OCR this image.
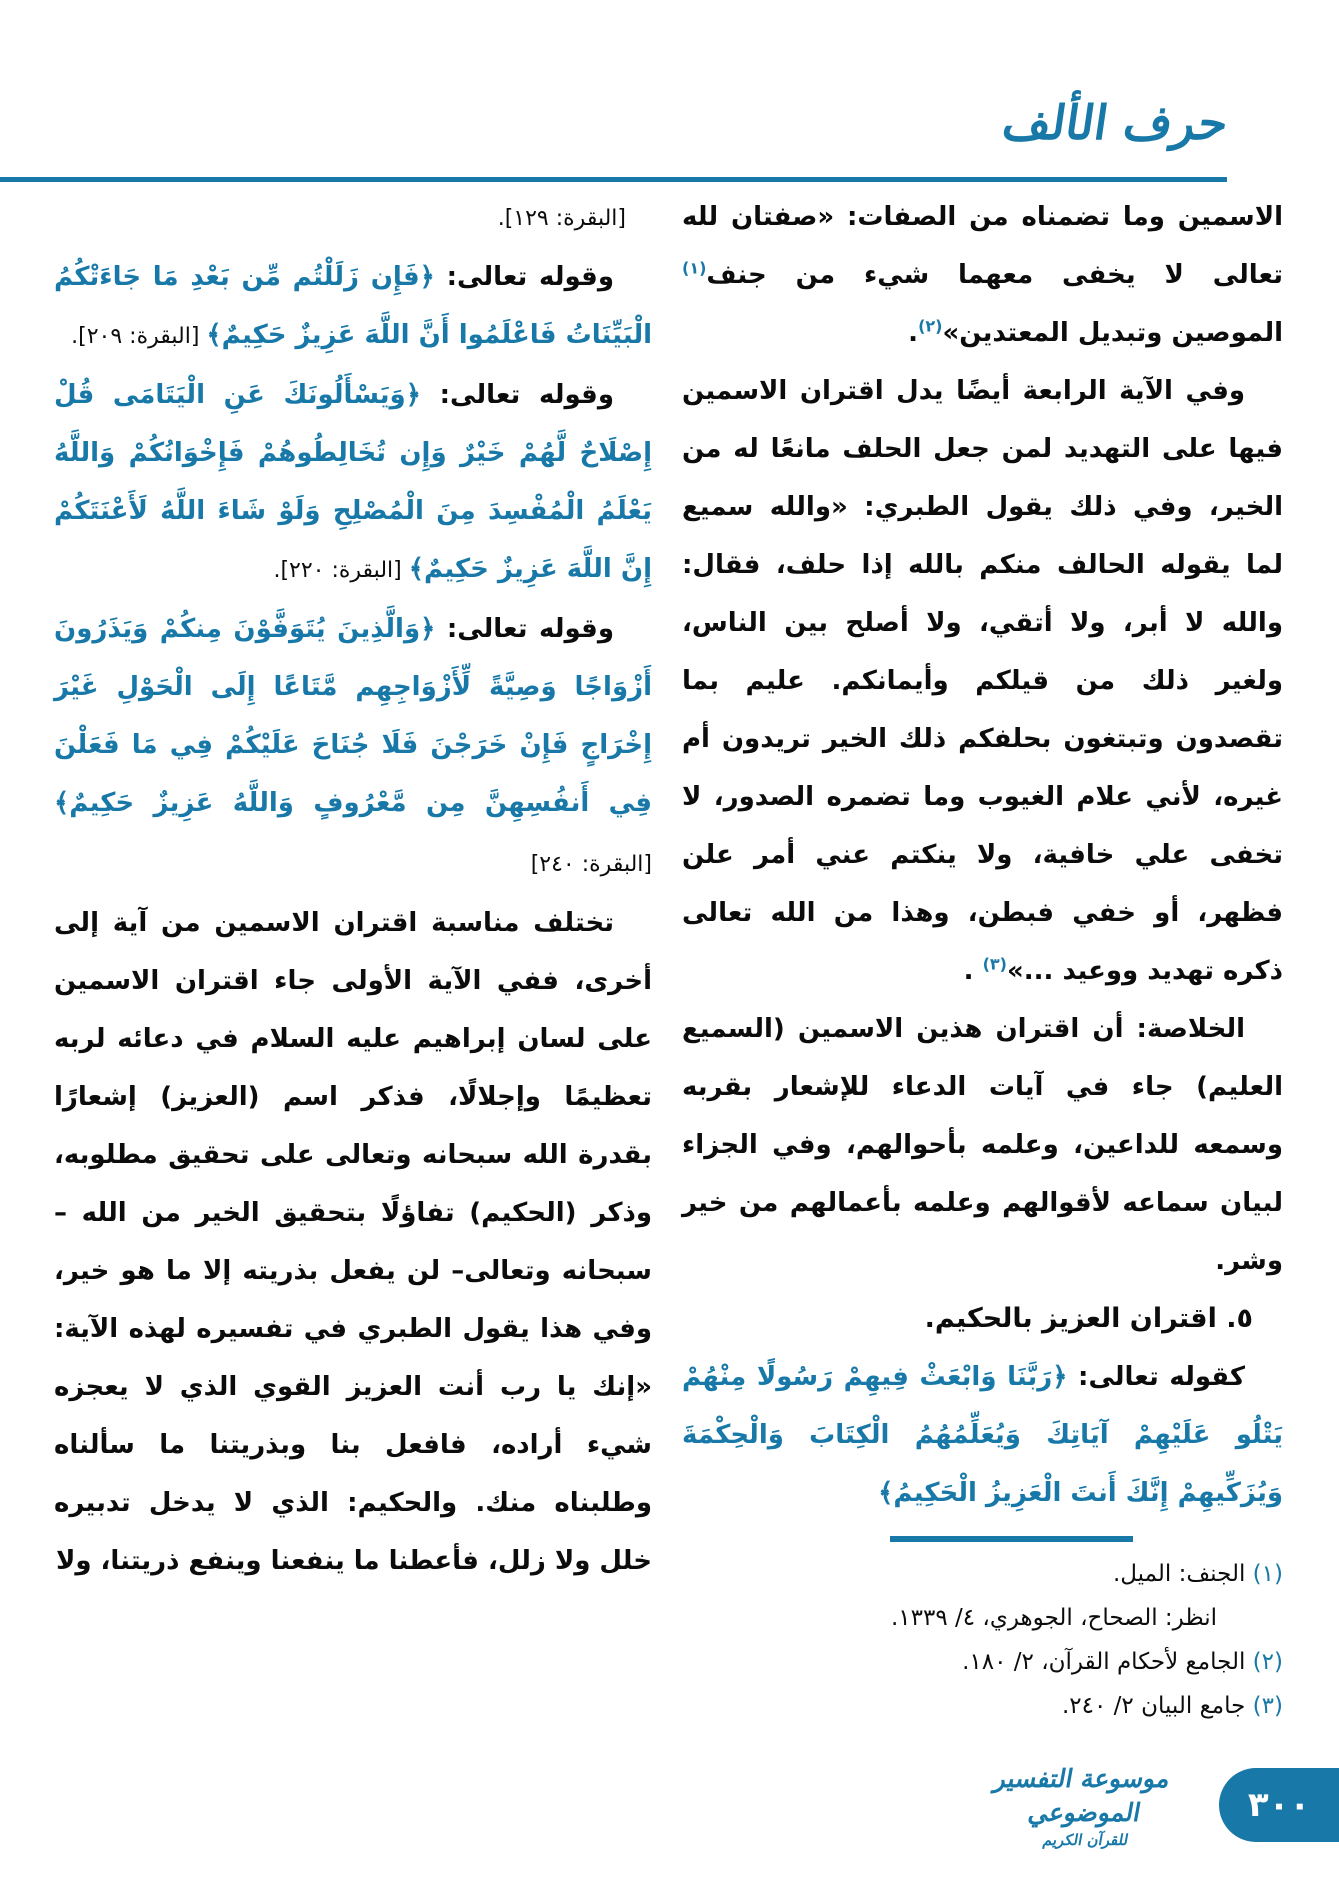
حرف الألف

الاسمين وما تضمناه من الصفات: «صفتان لله تعالى لا يخفى معهما شيء من جنف$^{(١)}$ الموصين وتبديل المعتدين»$^{(٢)}$.

وفي الآية الرابعة أيضًا يدل اقتران الاسمين فيها على التهديد لمن جعل الحلف مانعًا له من الخير، وفي ذلك يقول الطبري: «والله سميع لما يقوله الحالف منكم بالله إذا حلف، فقال: والله لا أبر، ولا أتقي، ولا أصلح بين الناس، ولغير ذلك من قيلكم وأيمانكم. عليم بما تقصدون وتبتغون بحلفكم ذلك الخير تريدون أم غيره، لأني علام الغيوب وما تضمره الصدور، لا تخفى علي خافية، ولا ينكتم عني أمر علن فظهر، أو خفي فبطن، وهذا من الله تعالى ذكره تهديد ووعيد ...»$^{(٣)}$ .

الخلاصة: أن اقتران هذين الاسمين (السميع العليم) جاء في آيات الدعاء للإشعار بقربه وسمعه للداعين، وعلمه بأحوالهم، وفي الجزاء لبيان سماعه لأقوالهم وعلمه بأعمالهم من خير وشر.

٥. اقتران العزيز بالحكيم.

كقوله تعالى: ﴿رَبَّنَا وَابْعَثْ فِيهِمْ رَسُولًا مِنْهُمْ يَتْلُو عَلَيْهِمْ آيَاتِكَ وَيُعَلِّمُهُمُ الْكِتَابَ وَالْحِكْمَةَ وَيُزَكِّيهِمْ إِنَّكَ أَنتَ الْعَزِيزُ الْحَكِيمُ﴾

(١) الجنف: الميل.

انظر: الصحاح، الجوهري، ٤/ ١٣٣٩.

(٢) الجامع لأحكام القرآن، ٢/ ١٨٠.

(٣) جامع البيان ٢/ ٢٤٠.

[البقرة: ١٢٩].

وقوله تعالى: ﴿فَإِن زَلَلْتُم مِّن بَعْدِ مَا جَاءَتْكُمُ الْبَيِّنَاتُ فَاعْلَمُوا أَنَّ اللَّهَ عَزِيزٌ حَكِيمٌ﴾ [البقرة: ٢٠٩].

وقوله تعالى: ﴿وَيَسْأَلُونَكَ عَنِ الْيَتَامَى قُلْ إِصْلَاحٌ لَّهُمْ خَيْرٌ وَإِن تُخَالِطُوهُمْ فَإِخْوَانُكُمْ وَاللَّهُ يَعْلَمُ الْمُفْسِدَ مِنَ الْمُصْلِحِ وَلَوْ شَاءَ اللَّهُ لَأَعْنَتَكُمْ إِنَّ اللَّهَ عَزِيزٌ حَكِيمٌ﴾ [البقرة: ٢٢٠].

وقوله تعالى: ﴿وَالَّذِينَ يُتَوَفَّوْنَ مِنكُمْ وَيَذَرُونَ أَزْوَاجًا وَصِيَّةً لِّأَزْوَاجِهِم مَّتَاعًا إِلَى الْحَوْلِ غَيْرَ إِخْرَاجٍ فَإِنْ خَرَجْنَ فَلَا جُنَاحَ عَلَيْكُمْ فِي مَا فَعَلْنَ فِي أَنفُسِهِنَّ مِن مَّعْرُوفٍ وَاللَّهُ عَزِيزٌ حَكِيمٌ﴾ [البقرة: ٢٤٠]

تختلف مناسبة اقتران الاسمين من آية إلى أخرى، ففي الآية الأولى جاء اقتران الاسمين على لسان إبراهيم عليه السلام في دعائه لربه تعظيمًا وإجلالًا، فذكر اسم (العزيز) إشعارًا بقدرة الله سبحانه وتعالى على تحقيق مطلوبه، وذكر (الحكيم) تفاؤلًا بتحقيق الخير من الله – سبحانه وتعالى– لن يفعل بذريته إلا ما هو خير، وفي هذا يقول الطبري في تفسيره لهذه الآية: «إنك يا رب أنت العزيز القوي الذي لا يعجزه شيء أراده، فافعل بنا وبذريتنا ما سألناه وطلبناه منك. والحكيم: الذي لا يدخل تدبيره خلل ولا زلل، فأعطنا ما ينفعنا وينفع ذريتنا، ولا

موسوعة التفسير الموضوعي
للقرآن الكريم
٣٠٠
